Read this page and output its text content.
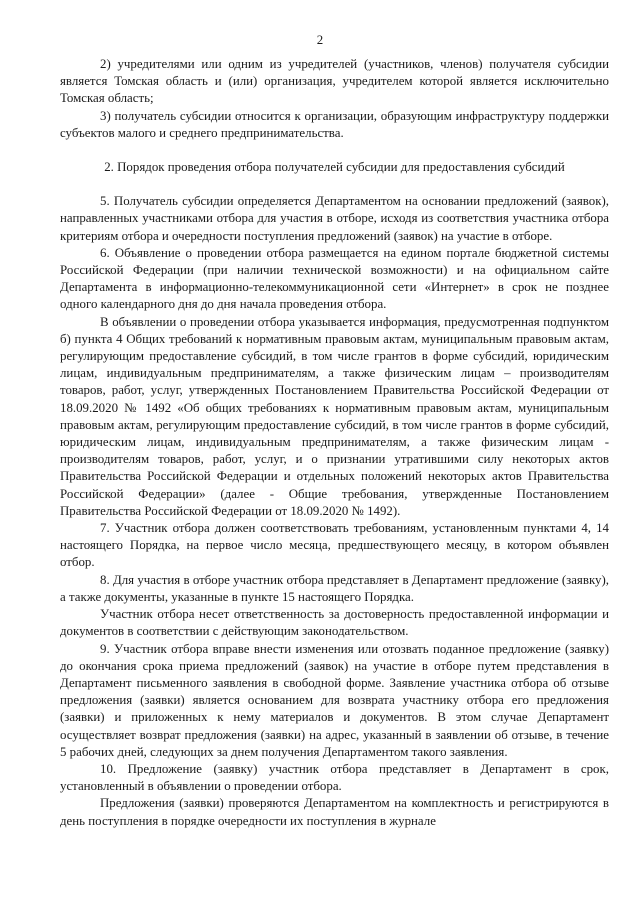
2

2) учредителями или одним из учредителей (участников, членов) получателя субсидии является Томская область и (или) организация, учредителем которой является исключительно Томская область;

3) получатель субсидии относится к организации, образующим инфраструктуру поддержки субъектов малого и среднего предпринимательства.

2. Порядок проведения отбора получателей субсидии для предоставления субсидий

5. Получатель субсидии определяется Департаментом на основании предложений (заявок), направленных участниками отбора для участия в отборе, исходя из соответствия участника отбора критериям отбора и очередности поступления предложений (заявок) на участие в отборе.

6. Объявление о проведении отбора размещается на едином портале бюджетной системы Российской Федерации (при наличии технической возможности) и на официальном сайте Департамента в информационно-телекоммуникационной сети «Интернет» в срок не позднее одного календарного дня до дня начала проведения отбора.

В объявлении о проведении отбора указывается информация, предусмотренная подпунктом б) пункта 4 Общих требований к нормативным правовым актам, муниципальным правовым актам, регулирующим предоставление субсидий, в том числе грантов в форме субсидий, юридическим лицам, индивидуальным предпринимателям, а также физическим лицам – производителям товаров, работ, услуг, утвержденных Постановлением Правительства Российской Федерации от 18.09.2020 № 1492 «Об общих требованиях к нормативным правовым актам, муниципальным правовым актам, регулирующим предоставление субсидий, в том числе грантов в форме субсидий, юридическим лицам, индивидуальным предпринимателям, а также физическим лицам - производителям товаров, работ, услуг, и о признании утратившими силу некоторых актов Правительства Российской Федерации и отдельных положений некоторых актов Правительства Российской Федерации» (далее - Общие требования, утвержденные Постановлением Правительства Российской Федерации от 18.09.2020 № 1492).

7. Участник отбора должен соответствовать требованиям, установленным пунктами 4, 14 настоящего Порядка, на первое число месяца, предшествующего месяцу, в котором объявлен отбор.

8. Для участия в отборе участник отбора представляет в Департамент предложение (заявку), а также документы, указанные в пункте 15 настоящего Порядка.

Участник отбора несет ответственность за достоверность предоставленной информации и документов в соответствии с действующим законодательством.

9. Участник отбора вправе внести изменения или отозвать поданное предложение (заявку) до окончания срока приема предложений (заявок) на участие в отборе путем представления в Департамент письменного заявления в свободной форме. Заявление участника отбора об отзыве предложения (заявки) является основанием для возврата участнику отбора его предложения (заявки) и приложенных к нему материалов и документов. В этом случае Департамент осуществляет возврат предложения (заявки) на адрес, указанный в заявлении об отзыве, в течение 5 рабочих дней, следующих за днем получения Департаментом такого заявления.

10. Предложение (заявку) участник отбора представляет в Департамент в срок, установленный в объявлении о проведении отбора.

Предложения (заявки) проверяются Департаментом на комплектность и регистрируются в день поступления в порядке очередности их поступления в журнале
